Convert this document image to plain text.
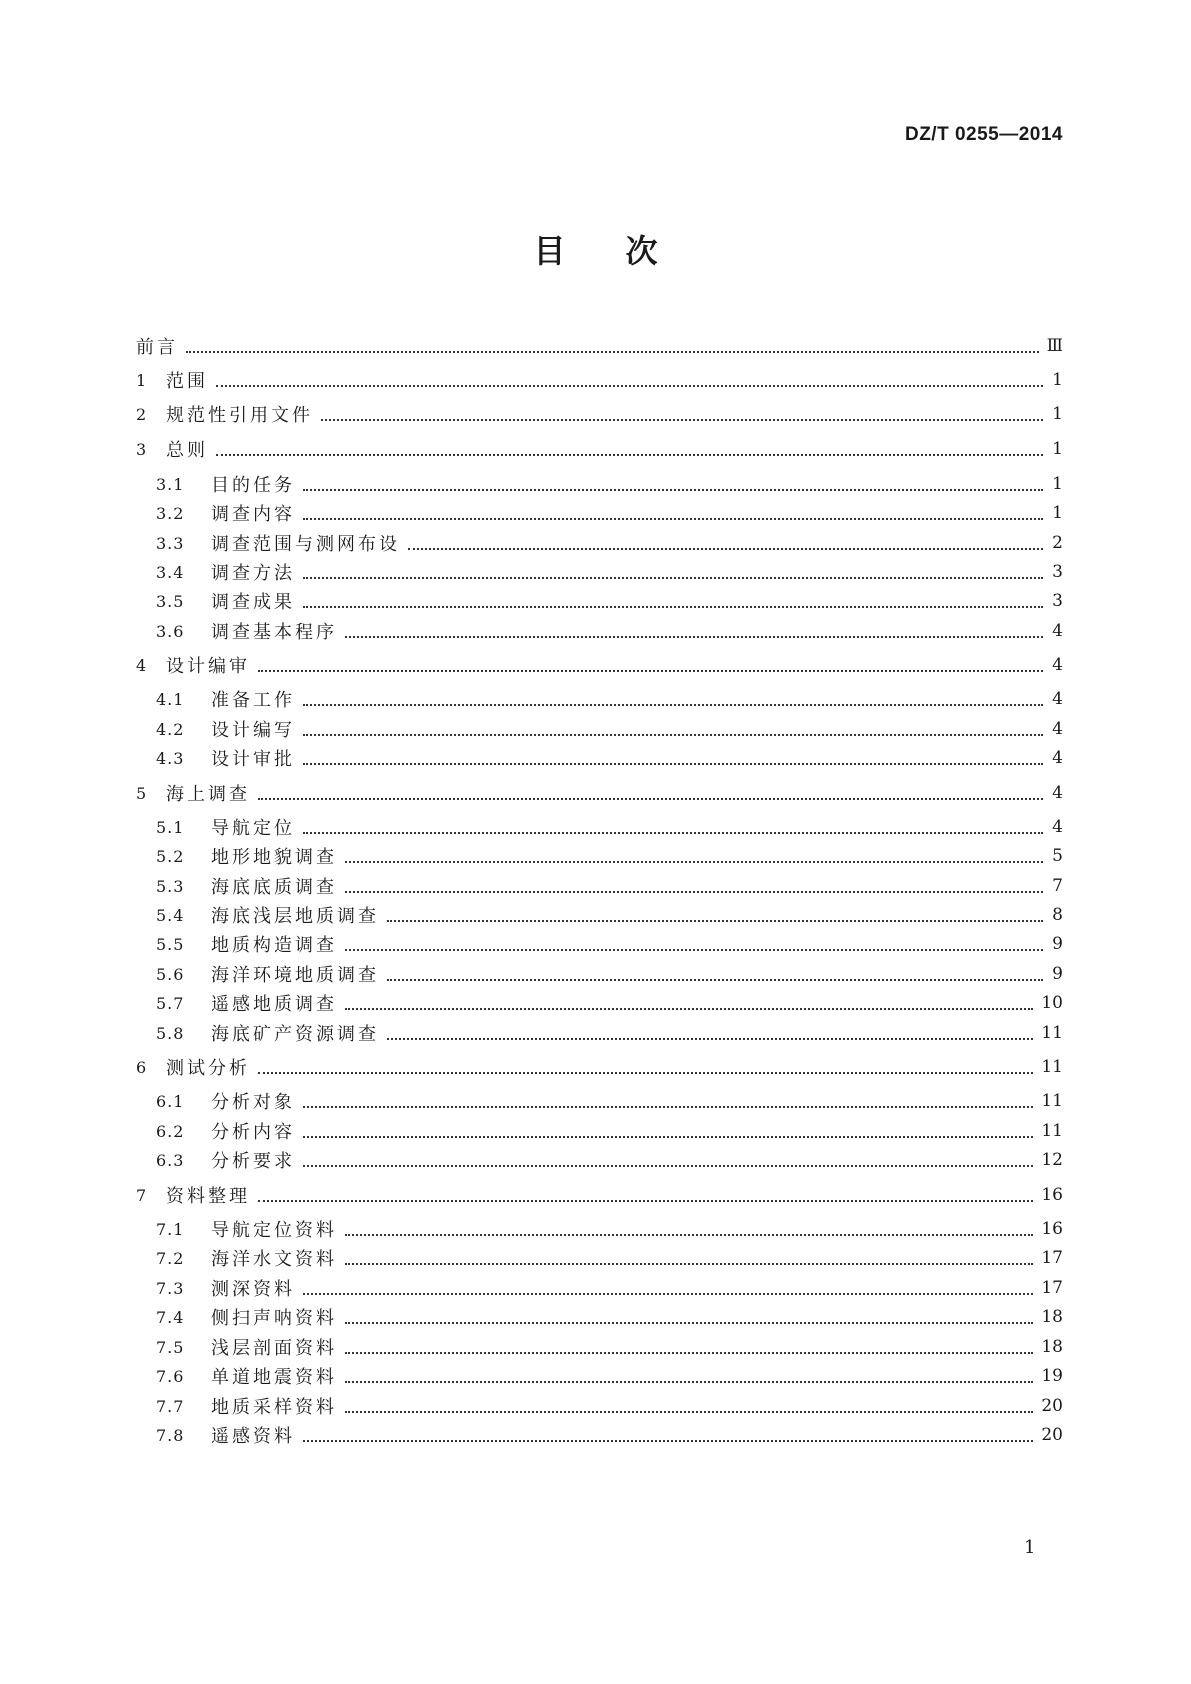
DZ/T 0255—2014
目 次
前言	Ⅲ
1	范围	1
2	规范性引用文件	1
3	总则	1
3.1	目的任务	1
3.2	调查内容	1
3.3	调查范围与测网布设	2
3.4	调查方法	3
3.5	调查成果	3
3.6	调查基本程序	4
4	设计编审	4
4.1	准备工作	4
4.2	设计编写	4
4.3	设计审批	4
5	海上调查	4
5.1	导航定位	4
5.2	地形地貌调查	5
5.3	海底底质调查	7
5.4	海底浅层地质调查	8
5.5	地质构造调查	9
5.6	海洋环境地质调查	9
5.7	遥感地质调查	10
5.8	海底矿产资源调查	11
6	测试分析	11
6.1	分析对象	11
6.2	分析内容	11
6.3	分析要求	12
7	资料整理	16
7.1	导航定位资料	16
7.2	海洋水文资料	17
7.3	测深资料	17
7.4	侧扫声呐资料	18
7.5	浅层剖面资料	18
7.6	单道地震资料	19
7.7	地质采样资料	20
7.8	遥感资料	20
1
